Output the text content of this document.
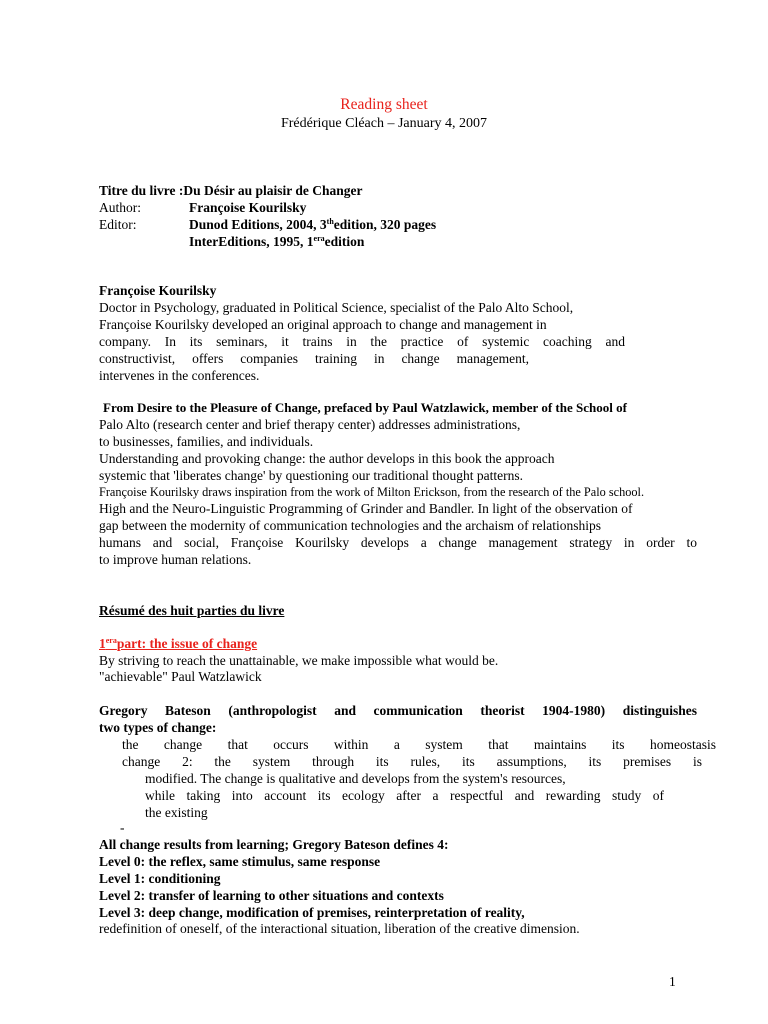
Reading sheet
Frédérique Cléach – January 4, 2007
Titre du livre :Du Désir au plaisir de Changer
Author:	Françoise Kourilsky
Editor:	Dunod Editions, 2004, 3thedition, 320 pages
InterEditions, 1995, $1^{era}edition$
Françoise Kourilsky
Doctor in Psychology, graduated in Political Science, specialist of the Palo Alto School,
Françoise Kourilsky developed an original approach to change and management in
company. In its seminars, it trains in the practice of systemic coaching and
constructivist, offers companies training in change management,
intervenes in the conferences.
From Desire to the Pleasure of Change, prefaced by Paul Watzlawick, member of the School of
Palo Alto (research center and brief therapy center) addresses administrations,
to businesses, families, and individuals.
Understanding and provoking change: the author develops in this book the approach
systemic that 'liberates change' by questioning our traditional thought patterns.
Françoise Kourilsky draws inspiration from the work of Milton Erickson, from the research of the Palo school.
High and the Neuro-Linguistic Programming of Grinder and Bandler. In light of the observation of
gap between the modernity of communication technologies and the archaism of relationships
humans and social, Françoise Kourilsky develops a change management strategy in order to
to improve human relations.
Résumé des huit parties du livre
$1^{era}part$: the issue of change
By striving to reach the unattainable, we make impossible what would be.
"achievable" Paul Watzlawick
Gregory Bateson (anthropologist and communication theorist 1904-1980) distinguishes
two types of change:
the change that occurs within a system that maintains its homeostasis
change 2: the system through its rules, its assumptions, its premises is
modified. The change is qualitative and develops from the system's resources,
while taking into account its ecology after a respectful and rewarding study of
the existing
-
All change results from learning; Gregory Bateson defines 4:
Level 0: the reflex, same stimulus, same response
Level 1: conditioning
Level 2: transfer of learning to other situations and contexts
Level 3: deep change, modification of premises, reinterpretation of reality,
redefinition of oneself, of the interactional situation, liberation of the creative dimension.
1
